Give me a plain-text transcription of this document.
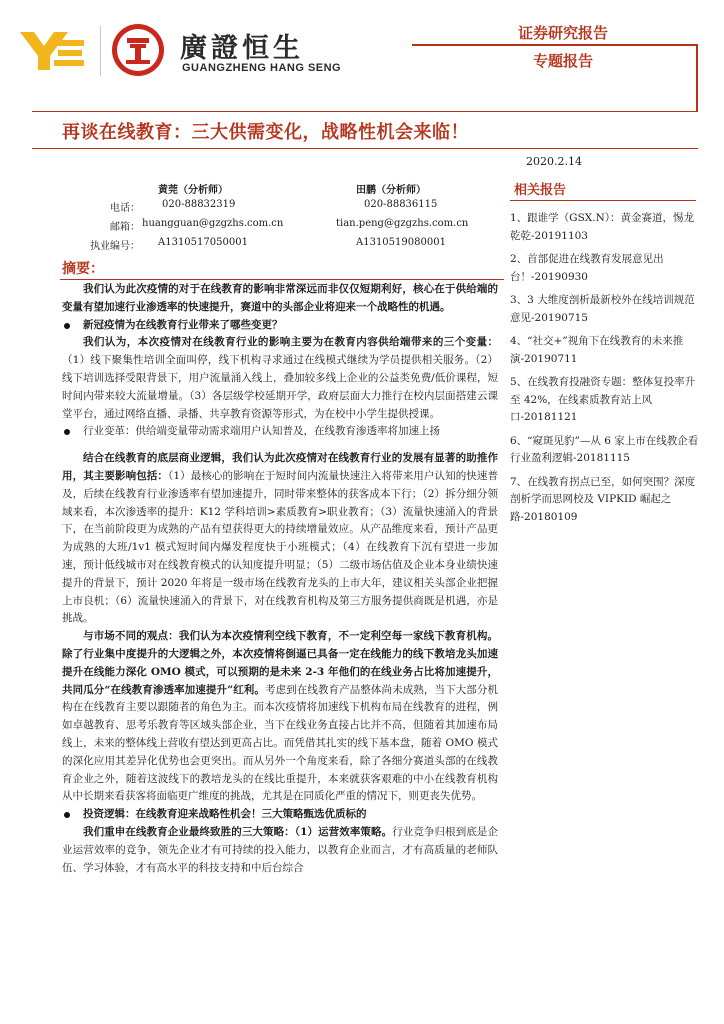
廣證恒生
GUANGZHENG HANG SENG
证券研究报告
专题报告
再谈在线教育：三大供需变化，战略性机会来临！
2020.2.14
黄莞（分析师）	田鹏（分析师）
电话：
邮箱：
执业编号：
020-88832319
huangguan@gzgzhs.com.cn
A1310517050001
020-88836115
tian.peng@gzgzhs.com.cn
A1310519080001
相关报告
1、跟谁学（GSX.N）：黄金赛道，惕龙乾乾-20191103
2、首部促进在线教育发展意见出台！-20190930
3、3 大维度剖析最新校外在线培训规范意见-20190715
4、“社交+”视角下在线教育的未来推演-20190711
5、在线教育投融资专题：整体复投率升至 42%，在线素质教育站上风口-20181121
6、“窥斑见豹”—从 6 家上市在线教企看行业盈利逻辑-20181115
7、在线教育拐点已至，如何突围？深度剖析学而思网校及 VIPKID 崛起之路-20180109
摘要：

我们认为此次疫情的对于在线教育的影响非常深远而非仅仅短期利好，核心在于供给端的变量有望加速行业渗透率的快速提升，赛道中的头部企业将迎来一个战略性的机遇。

新冠疫情为在线教育行业带来了哪些变更？

我们认为，本次疫情对在线教育行业的影响主要为在教育内容供给端带来的三个变量：（1）线下聚集性培训全面叫停，线下机构寻求通过在线模式继续为学员提供相关服务。（2）线下培训选择受限背景下，用户流量涌入线上，叠加较多线上企业的公益类免费/低价课程，短时间内带来较大流量增量。（3）各层级学校延期开学，政府层面大力推行在校内层面搭建云课堂平台，通过网络直播、录播、共享教育资源等形式，为在校中小学生提供授课。

行业变革：供给端变量带动需求端用户认知普及，在线教育渗透率将加速上扬

结合在线教育的底层商业逻辑，我们认为此次疫情对在线教育行业的发展有显著的助推作用，其主要影响包括：（1）最核心的影响在于短时间内流量快速注入将带来用户认知的快速普及，后续在线教育行业渗透率有望加速提升，同时带来整体的获客成本下行；（2）拆分细分领域来看，本次渗透率的提升：K12 学科培训>素质教育>职业教育；（3）流量快速涌入的背景下，在当前阶段更为成熟的产品有望获得更大的持续增量效应。从产品维度来看，预计产品更为成熟的大班/1v1 模式短时间内爆发程度快于小班模式；（4）在线教育下沉有望进一步加速，预计低线城市对在线教育模式的认知度提升明显；（5）二级市场估值及企业本身业绩快速提升的背景下，预计 2020 年将是一级市场在线教育龙头的上市大年，建议相关头部企业把握上市良机；（6）流量快速涌入的背景下，对在线教育机构及第三方服务提供商既是机遇，亦是挑战。

与市场不同的观点：我们认为本次疫情利空线下教育，不一定利空每一家线下教育机构。除了行业集中度提升的大逻辑之外，本次疫情将倒逼已具备一定在线能力的线下教培龙头加速提升在线能力深化 OMO 模式，可以预期的是未来 2-3 年他们的在线业务占比将加速提升，共同瓜分“在线教育渗透率加速提升”红利。考虑到在线教育产品整体尚未成熟，当下大部分机构在在线教育主要以跟随者的角色为主。而本次疫情将加速线下机构布局在线教育的进程，例如卓越教育、思考乐教育等区域头部企业，当下在线业务直接占比并不高，但随着其加速布局线上，未来的整体线上营收有望达到更高占比。而凭借其扎实的线下基本盘，随着 OMO 模式的深化应用其差异化优势也会更突出。而从另外一个角度来看，除了各细分赛道头部的在线教育企业之外，随着这波线下的教培龙头的在线比重提升，本来就获客艰难的中小在线教育机构从中长期来看获客将面临更广维度的挑战，尤其是在同质化严重的情况下，则更丧失优势。

投资逻辑：在线教育迎来战略性机会！三大策略甄选优质标的

我们重申在线教育企业最终致胜的三大策略：（1）运营效率策略。行业竞争归根到底是企业运营效率的竞争，领先企业才有可持续的投入能力，以教育企业而言，才有高质量的老师队伍、学习体验，才有高水平的科技支持和中后台综合
